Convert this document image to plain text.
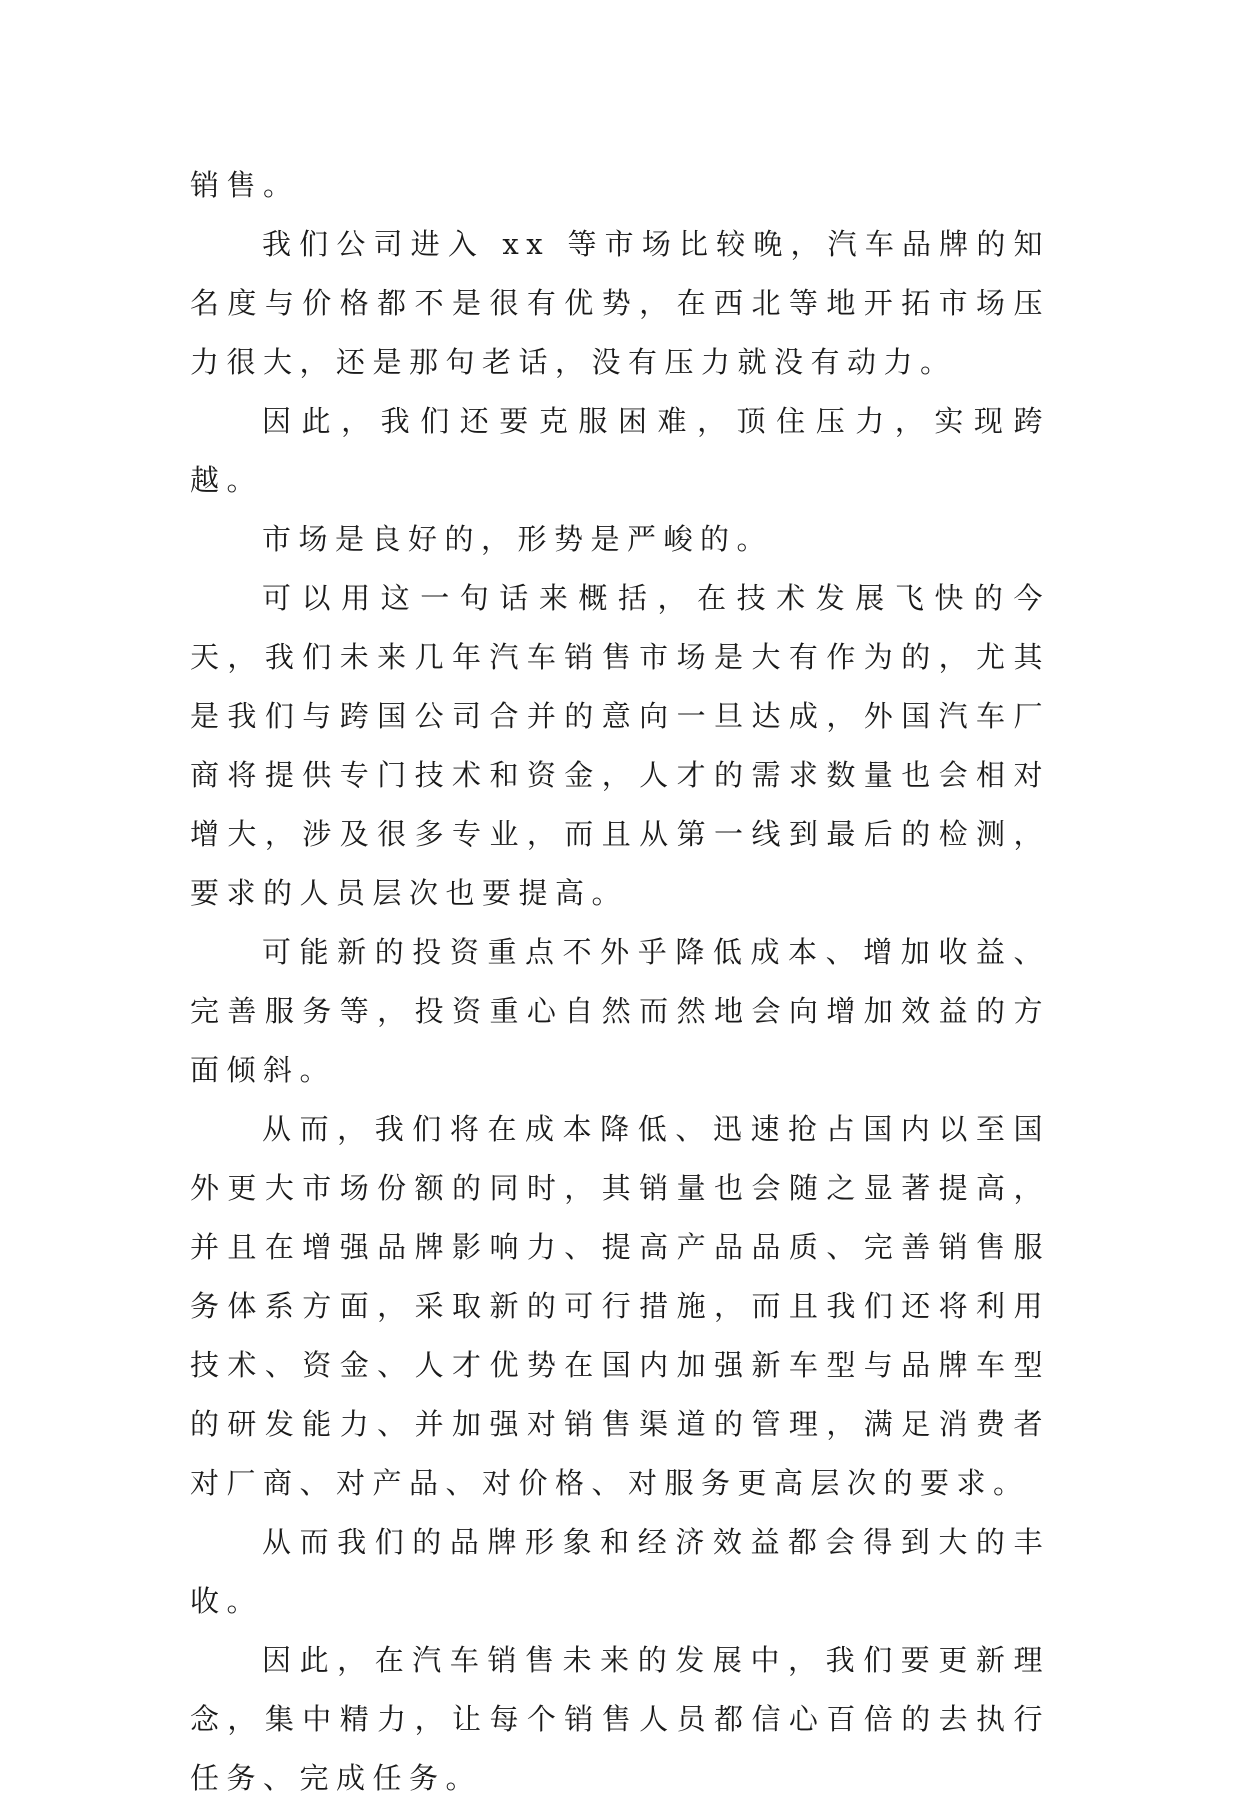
销售。

我们公司进入 xx 等市场比较晚，汽车品牌的知名度与价格都不是很有优势，在西北等地开拓市场压力很大，还是那句老话，没有压力就没有动力。

因此，我们还要克服困难，顶住压力，实现跨越。

市场是良好的，形势是严峻的。

可以用这一句话来概括，在技术发展飞快的今天，我们未来几年汽车销售市场是大有作为的，尤其是我们与跨国公司合并的意向一旦达成，外国汽车厂商将提供专门技术和资金，人才的需求数量也会相对增大，涉及很多专业，而且从第一线到最后的检测，要求的人员层次也要提高。

可能新的投资重点不外乎降低成本、增加收益、完善服务等，投资重心自然而然地会向增加效益的方面倾斜。

从而，我们将在成本降低、迅速抢占国内以至国外更大市场份额的同时，其销量也会随之显著提高，并且在增强品牌影响力、提高产品品质、完善销售服务体系方面，采取新的可行措施，而且我们还将利用技术、资金、人才优势在国内加强新车型与品牌车型的研发能力、并加强对销售渠道的管理，满足消费者对厂商、对产品、对价格、对服务更高层次的要求。

从而我们的品牌形象和经济效益都会得到大的丰收。

因此，在汽车销售未来的发展中，我们要更新理念，集中精力，让每个销售人员都信心百倍的去执行任务、完成任务。
